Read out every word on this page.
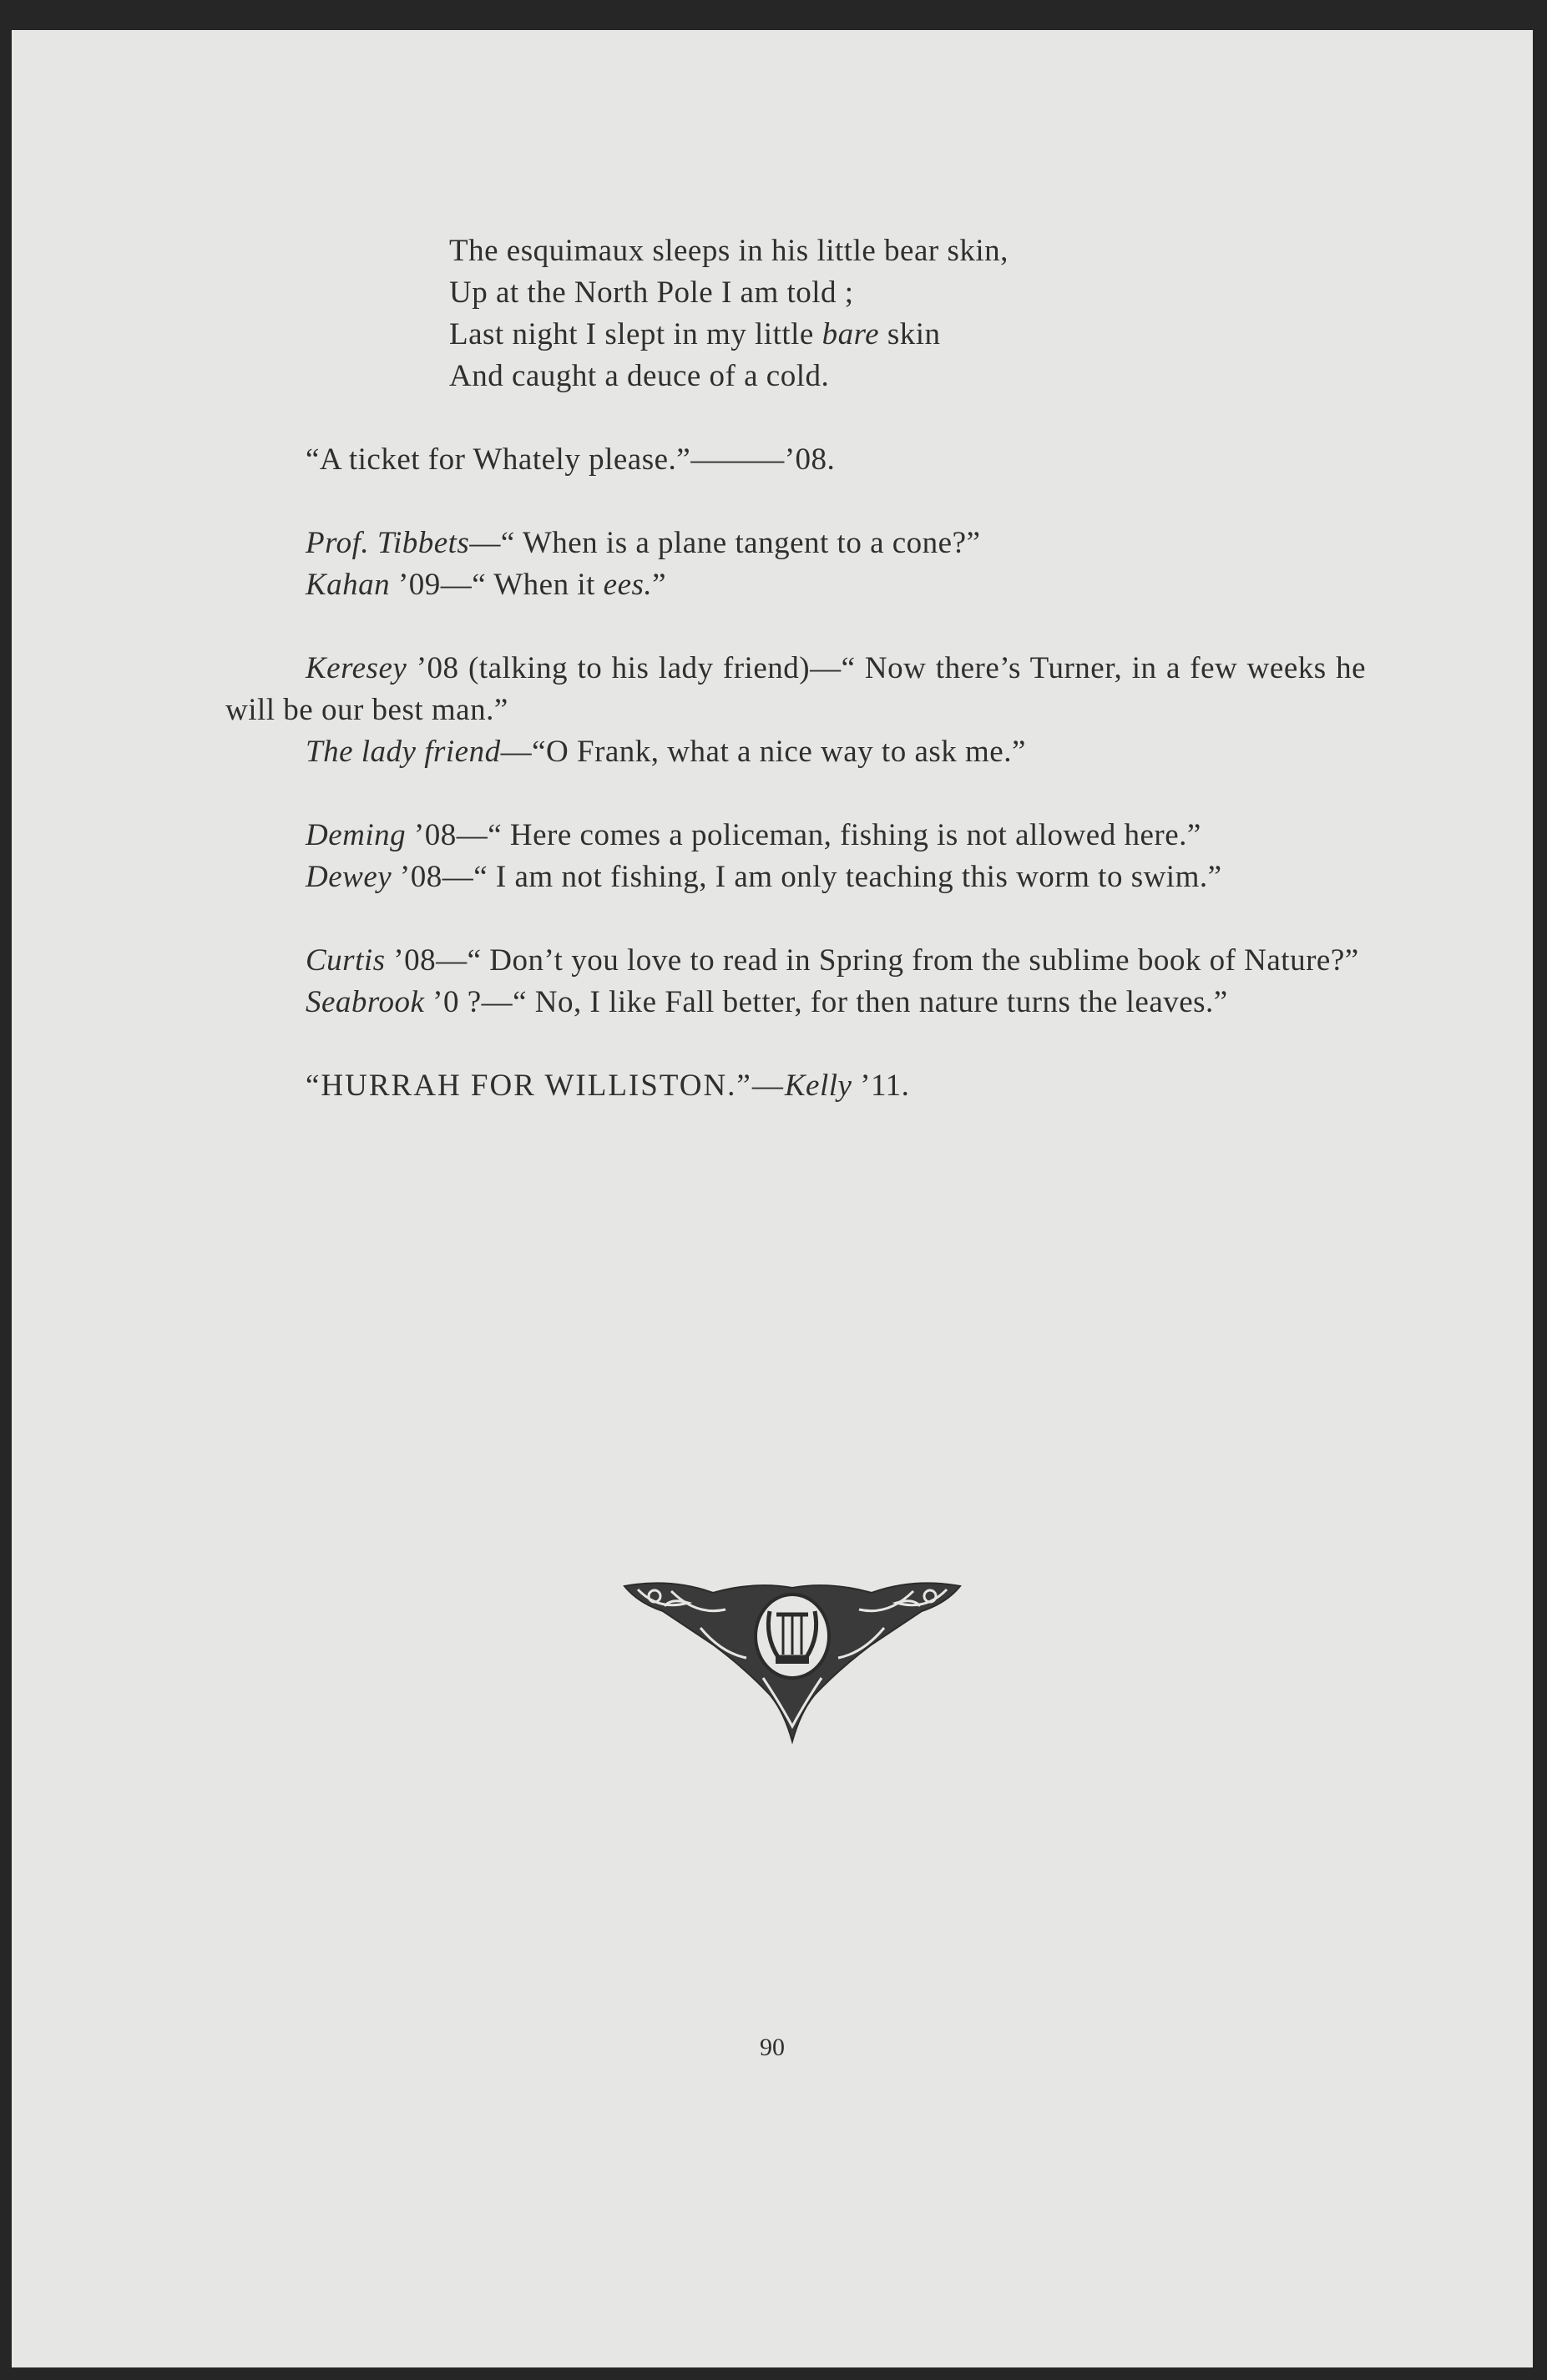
The esquimaux sleeps in his little bear skin,
Up at the North Pole I am told ;
Last night I slept in my little bare skin
And caught a deuce of a cold.

“A ticket for Whately please.”———’08.

Prof. Tibbets—“ When is a plane tangent to a cone?”

Kahan ’09—“ When it ees.”

Keresey ’08 (talking to his lady friend)—“ Now there’s Turner, in a few weeks he will be our best man.”

The lady friend—“O Frank, what a nice way to ask me.”

Deming ’08—“ Here comes a policeman, fishing is not allowed here.”

Dewey ’08—“ I am not fishing, I am only teaching this worm to swim.”

Curtis ’08—“ Don’t you love to read in Spring from the sublime book of Nature?”

Seabrook ’0 ?—“ No, I like Fall better, for then nature turns the leaves.”

“HURRAH FOR WILLISTON.”—Kelly ’11.

90
